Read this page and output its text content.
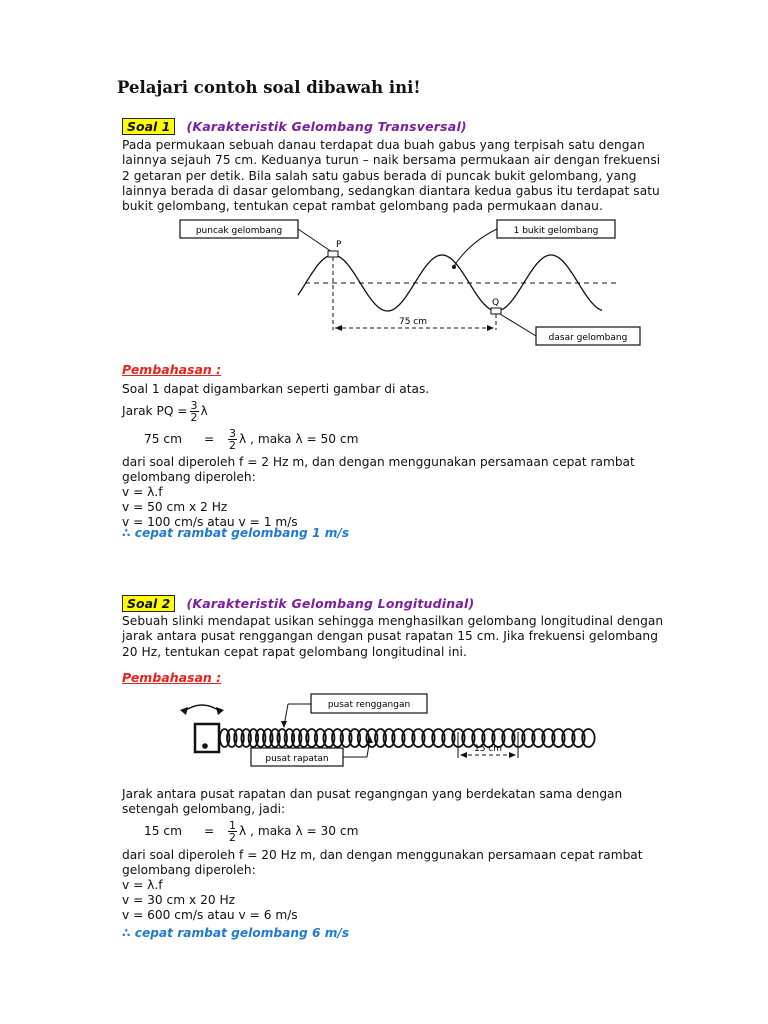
Pelajari contoh soal dibawah ini!
Soal 1 (Karakteristik Gelombang Transversal)
Pada permukaan sebuah danau terdapat dua buah gabus yang terpisah satu dengan
lainnya sejauh 75 cm. Keduanya turun – naik bersama permukaan air dengan frekuensi
2 getaran per detik. Bila salah satu gabus berada di puncak bukit gelombang, yang
lainnya berada di dasar gelombang, sedangkan diantara kedua gabus itu terdapat satu
bukit gelombang, tentukan cepat rambat gelombang pada permukaan danau.
puncak gelombang	1 bukit gelombang
P
Q
75 cm
dasar gelombang
Pembahasan :
Soal 1 dapat digambarkan seperti gambar di atas.
Jarak PQ = $\frac{3}{2}$ λ
75 cm	=	$\frac{3}{2}$ λ , maka λ = 50 cm
dari soal diperoleh f = 2 Hz m, dan dengan menggunakan persamaan cepat rambat
gelombang diperoleh:
v = λ.f
v = 50 cm x 2 Hz
v = 100 cm/s atau v = 1 m/s
∴ cepat rambat gelombang 1 m/s
Soal 2 (Karakteristik Gelombang Longitudinal)
Sebuah slinki mendapat usikan sehingga menghasilkan gelombang longitudinal dengan
jarak antara pusat renggangan dengan pusat rapatan 15 cm. Jika frekuensi gelombang
20 Hz, tentukan cepat rapat gelombang longitudinal ini.
Pembahasan :
pusat renggangan
pusat rapatan
15 cm
Jarak antara pusat rapatan dan pusat regangngan yang berdekatan sama dengan
setengah gelombang, jadi:
15 cm	=	$\frac{1}{2}$ λ , maka λ = 30 cm
dari soal diperoleh f = 20 Hz m, dan dengan menggunakan persamaan cepat rambat
gelombang diperoleh:
v = λ.f
v = 30 cm x 20 Hz
v = 600 cm/s atau v = 6 m/s
∴ cepat rambat gelombang 6 m/s
